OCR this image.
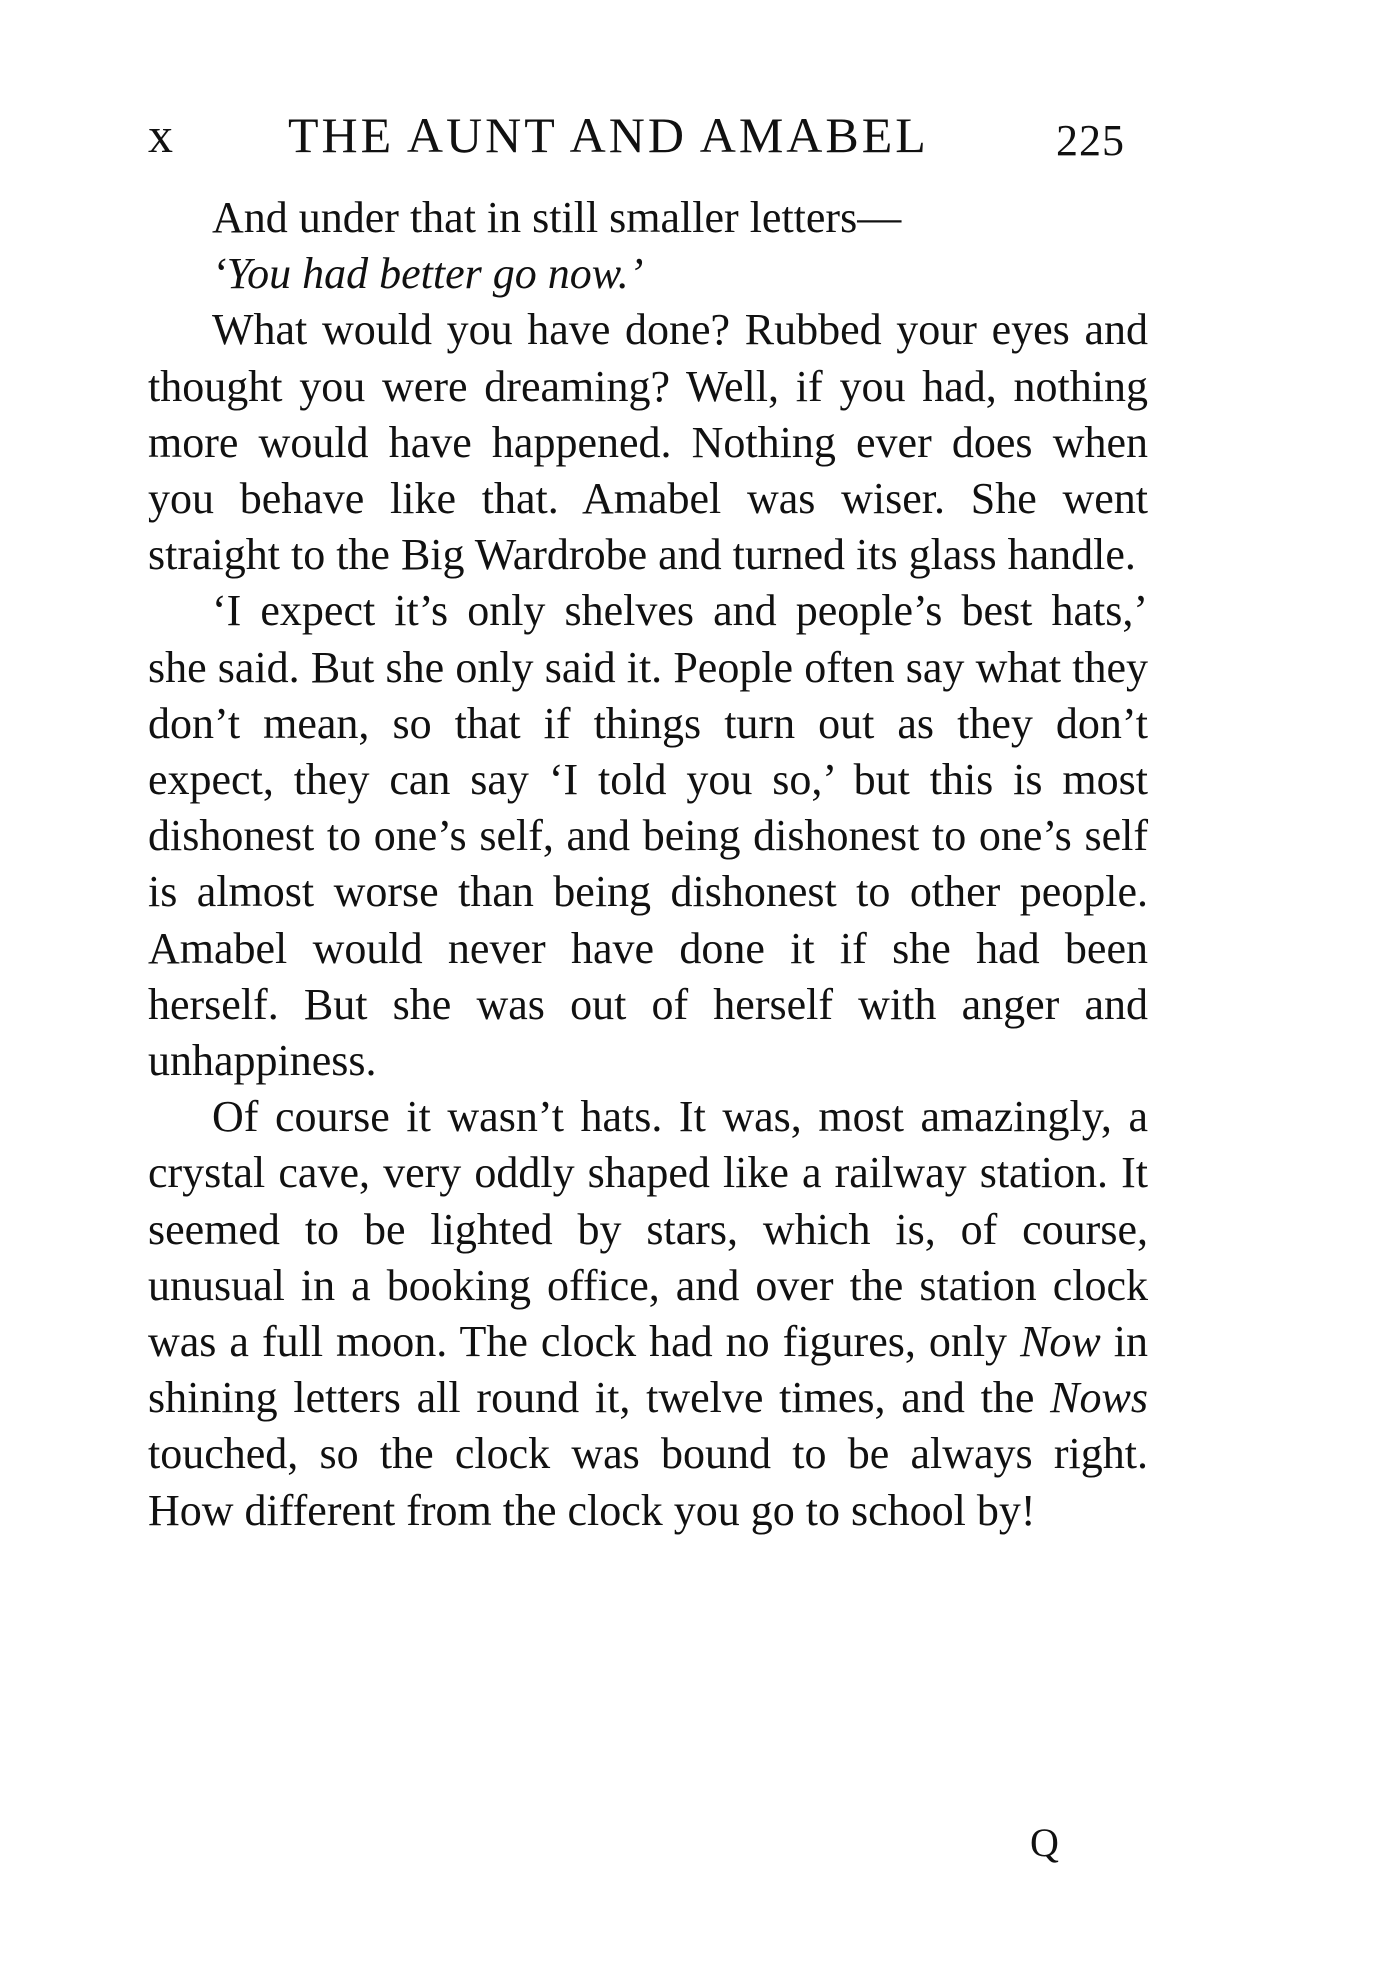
x THE AUNT AND AMABEL	225

And under that in still smaller letters—

‘You had better go now.’

What would you have done? Rubbed your eyes and thought you were dreaming? Well, if you had, nothing more would have happened. Nothing ever does when you behave like that. Amabel was wiser. She went straight to the Big Wardrobe and turned its glass handle.

‘I expect it’s only shelves and people’s best hats,’ she said. But she only said it. People often say what they don’t mean, so that if things turn out as they don’t expect, they can say ‘I told you so,’ but this is most dishonest to one’s self, and being dishonest to one’s self is almost worse than being dishonest to other people. Amabel would never have done it if she had been herself. But she was out of herself with anger and unhappiness.

Of course it wasn’t hats. It was, most amazingly, a crystal cave, very oddly shaped like a railway station. It seemed to be lighted by stars, which is, of course, unusual in a booking office, and over the station clock was a full moon. The clock had no figures, only Now in shining letters all round it, twelve times, and the Nows touched, so the clock was bound to be always right. How different from the clock you go to school by!

Q
